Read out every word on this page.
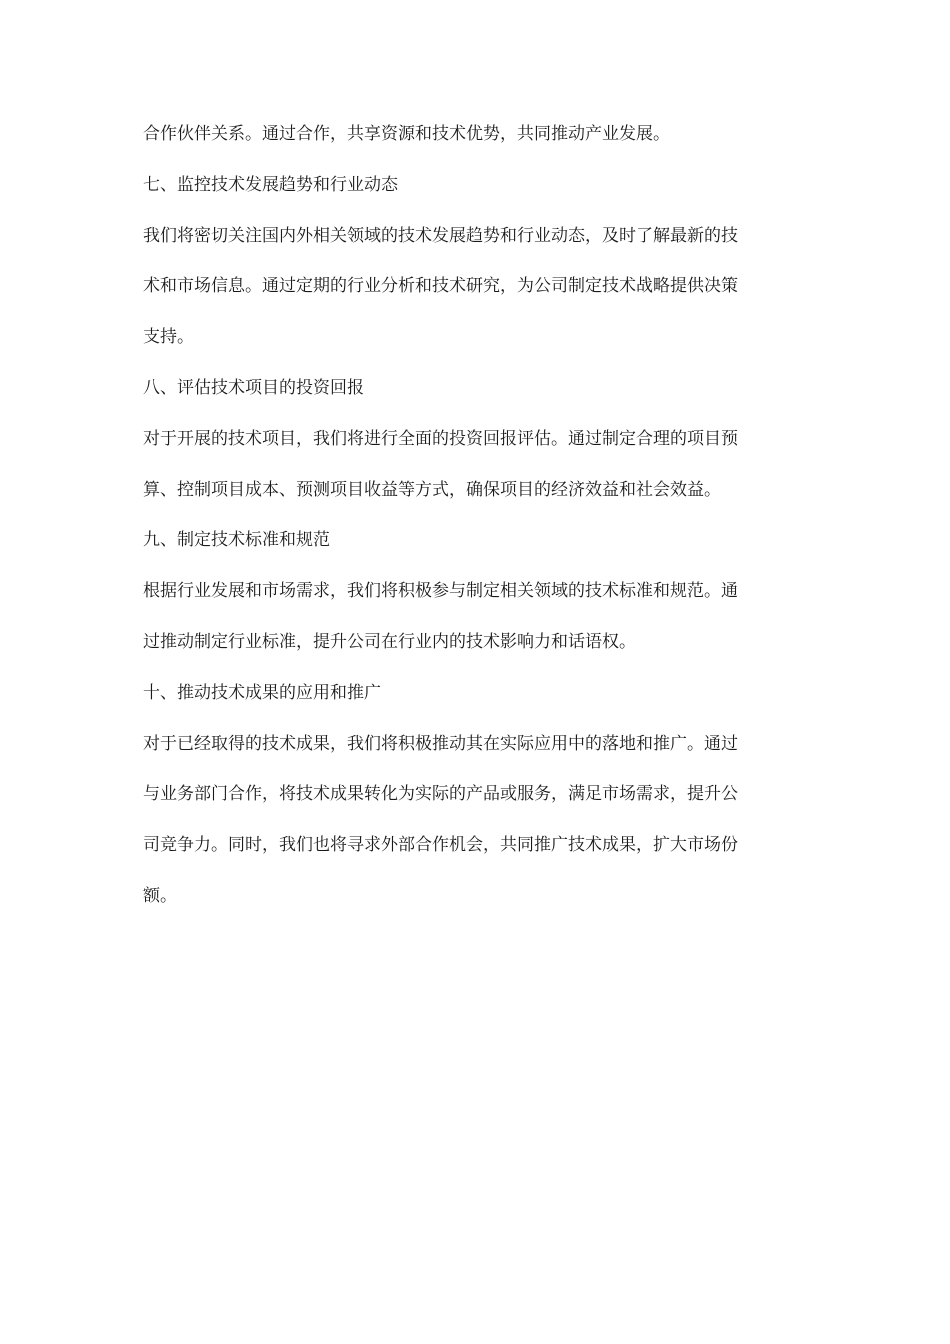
合作伙伴关系。通过合作，共享资源和技术优势，共同推动产业发展。
七、监控技术发展趋势和行业动态
我们将密切关注国内外相关领域的技术发展趋势和行业动态，及时了解最新的技
术和市场信息。通过定期的行业分析和技术研究，为公司制定技术战略提供决策
支持。
八、评估技术项目的投资回报
对于开展的技术项目，我们将进行全面的投资回报评估。通过制定合理的项目预
算、控制项目成本、预测项目收益等方式，确保项目的经济效益和社会效益。
九、制定技术标准和规范
根据行业发展和市场需求，我们将积极参与制定相关领域的技术标准和规范。通
过推动制定行业标准，提升公司在行业内的技术影响力和话语权。
十、推动技术成果的应用和推广
对于已经取得的技术成果，我们将积极推动其在实际应用中的落地和推广。通过
与业务部门合作，将技术成果转化为实际的产品或服务，满足市场需求，提升公
司竞争力。同时，我们也将寻求外部合作机会，共同推广技术成果，扩大市场份
额。
